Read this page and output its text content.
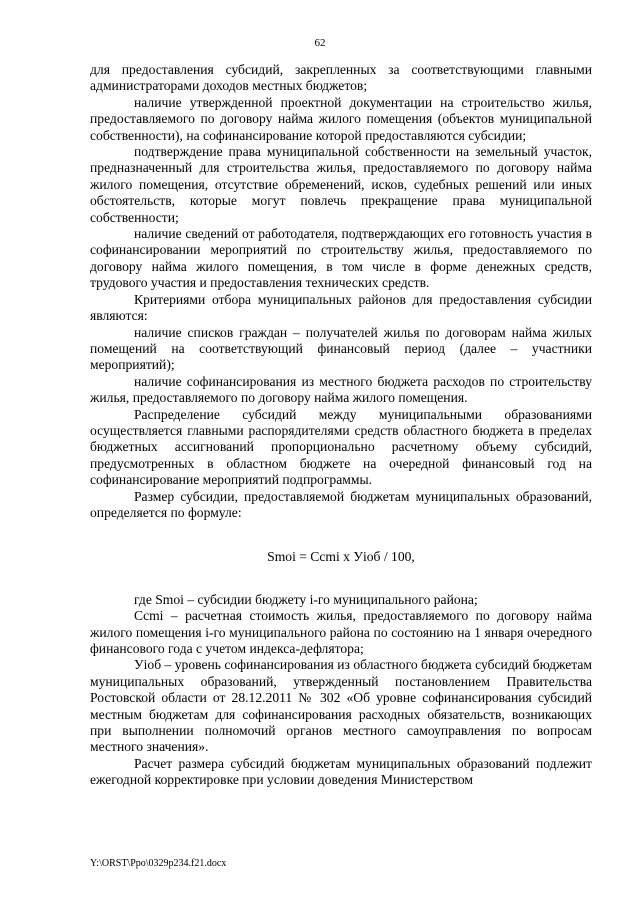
62

для предоставления субсидий, закрепленных за соответствующими главными администраторами доходов местных бюджетов;

наличие утвержденной проектной документации на строительство жилья, предоставляемого по договору найма жилого помещения (объектов муниципальной собственности), на софинансирование которой предоставляются субсидии;

подтверждение права муниципальной собственности на земельный участок, предназначенный для строительства жилья, предоставляемого по договору найма жилого помещения, отсутствие обременений, исков, судебных решений или иных обстоятельств, которые могут повлечь прекращение права муниципальной собственности;

наличие сведений от работодателя, подтверждающих его готовность участия в софинансировании мероприятий по строительству жилья, предоставляемого по договору найма жилого помещения, в том числе в форме денежных средств, трудового участия и предоставления технических средств.

Критериями отбора муниципальных районов для предоставления субсидии являются:

наличие списков граждан – получателей жилья по договорам найма жилых помещений на соответствующий финансовый период (далее – участники мероприятий);

наличие софинансирования из местного бюджета расходов по строительству жилья, предоставляемого по договору найма жилого помещения.

Распределение субсидий между муниципальными образованиями осуществляется главными распорядителями средств областного бюджета в пределах бюджетных ассигнований пропорционально расчетному объему субсидий, предусмотренных в областном бюджете на очередной финансовый год на софинансирование мероприятий подпрограммы.

Размер субсидии, предоставляемой бюджетам муниципальных образований, определяется по формуле:

Smoi = Ccmi x Уioб / 100,

где Smoi – субсидии бюджету i-го муниципального района;

Ccmi – расчетная стоимость жилья, предоставляемого по договору найма жилого помещения i-го муниципального района по состоянию на 1 января очередного финансового года с учетом индекса-дефлятора;

Уioб – уровень софинансирования из областного бюджета субсидий бюджетам муниципальных образований, утвержденный постановлением Правительства Ростовской области от 28.12.2011 № 302 «Об уровне софинансирования субсидий местным бюджетам для софинансирования расходных обязательств, возникающих при выполнении полномочий органов местного самоуправления по вопросам местного значения».

Расчет размера субсидий бюджетам муниципальных образований подлежит ежегодной корректировке при условии доведения Министерством

Y:\ORST\Ppo\0329p234.f21.docx
